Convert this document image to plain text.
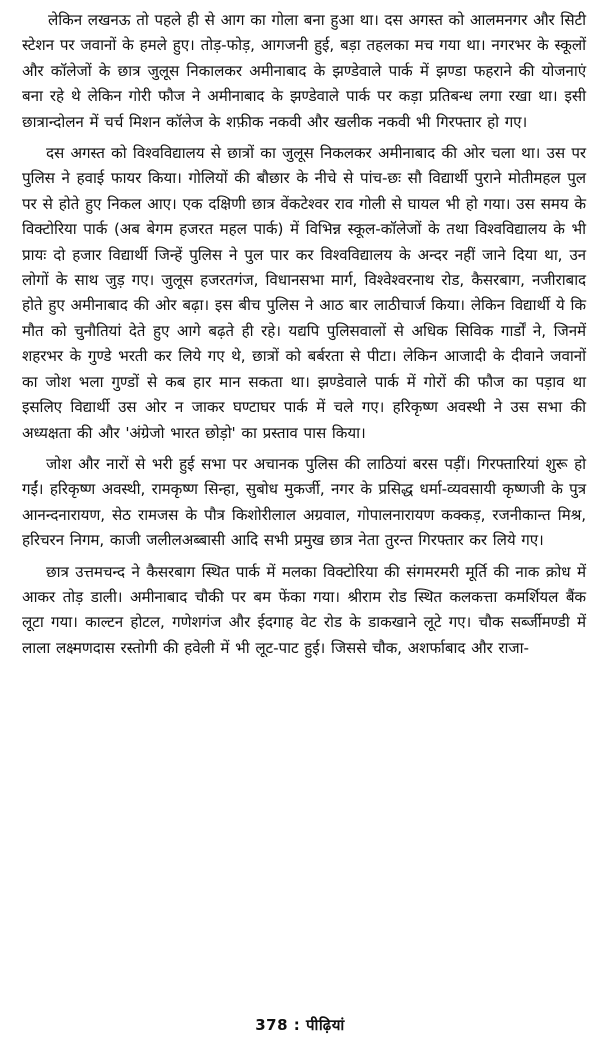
लेकिन लखनऊ तो पहले ही से आग का गोला बना हुआ था। दस अगस्त को आलमनगर और सिटी स्टेशन पर जवानों के हमले हुए। तोड़-फोड़, आगजनी हुई, बड़ा तहलका मच गया था। नगरभर के स्कूलों और कॉलेजों के छात्र जुलूस निकालकर अमीनाबाद के झण्डेवाले पार्क में झण्डा फहराने की योजनाएं बना रहे थे लेकिन गोरी फौज ने अमीनाबाद के झण्डेवाले पार्क पर कड़ा प्रतिबन्ध लगा रखा था। इसी छात्रान्दोलन में चर्च मिशन कॉलेज के शफ़ीक नकवी और खलीक नकवी भी गिरफ्तार हो गए।

दस अगस्त को विश्वविद्यालय से छात्रों का जुलूस निकलकर अमीनाबाद की ओर चला था। उस पर पुलिस ने हवाई फायर किया। गोलियों की बौछार के नीचे से पांच-छः सौ विद्यार्थी पुराने मोतीमहल पुल पर से होते हुए निकल आए। एक दक्षिणी छात्र वेंकटेश्वर राव गोली से घायल भी हो गया। उस समय के विक्टोरिया पार्क (अब बेगम हजरत महल पार्क) में विभिन्न स्कूल-कॉलेजों के तथा विश्वविद्यालय के भी प्रायः दो हजार विद्यार्थी जिन्हें पुलिस ने पुल पार कर विश्वविद्यालय के अन्दर नहीं जाने दिया था, उन लोगों के साथ जुड़ गए। जुलूस हजरतगंज, विधानसभा मार्ग, विश्वेश्वरनाथ रोड, कैसरबाग, नजीराबाद होते हुए अमीनाबाद की ओर बढ़ा। इस बीच पुलिस ने आठ बार लाठीचार्ज किया। लेकिन विद्यार्थी ये कि मौत को चुनौतियां देते हुए आगे बढ़ते ही रहे। यद्यपि पुलिसवालों से अधिक सिविक गार्डों ने, जिनमें शहरभर के गुण्डे भरती कर लिये गए थे, छात्रों को बर्बरता से पीटा। लेकिन आजादी के दीवाने जवानों का जोश भला गुण्डों से कब हार मान सकता था। झण्डेवाले पार्क में गोरों की फौज का पड़ाव था इसलिए विद्यार्थी उस ओर न जाकर घण्टाघर पार्क में चले गए। हरिकृष्ण अवस्थी ने उस सभा की अध्यक्षता की और 'अंग्रेजो भारत छोड़ो' का प्रस्ताव पास किया।

जोश और नारों से भरी हुई सभा पर अचानक पुलिस की लाठियां बरस पड़ीं। गिरफ्तारियां शुरू हो गईं। हरिकृष्ण अवस्थी, रामकृष्ण सिन्हा, सुबोध मुकर्जी, नगर के प्रसिद्ध धर्मा-व्यवसायी कृष्णजी के पुत्र आनन्दनारायण, सेठ रामजस के पौत्र किशोरीलाल अग्रवाल, गोपालनारायण कक्कड़, रजनीकान्त मिश्र, हरिचरन निगम, काजी जलीलअब्बासी आदि सभी प्रमुख छात्र नेता तुरन्त गिरफ्तार कर लिये गए।

छात्र उत्तमचन्द ने कैसरबाग स्थित पार्क में मलका विक्टोरिया की संगमरमरी मूर्ति की नाक क्रोध में आकर तोड़ डाली। अमीनाबाद चौकी पर बम फेंका गया। श्रीराम रोड स्थित कलकत्ता कमर्शियल बैंक लूटा गया। काल्टन होटल, गणेशगंज और ईदगाह वेट रोड के डाकखाने लूटे गए। चौक सर्ब्जीमण्डी में लाला लक्ष्मणदास रस्तोगी की हवेली में भी लूट-पाट हुई। जिससे चौक, अशर्फाबाद और राजा-

378 : पीढ़ियां
